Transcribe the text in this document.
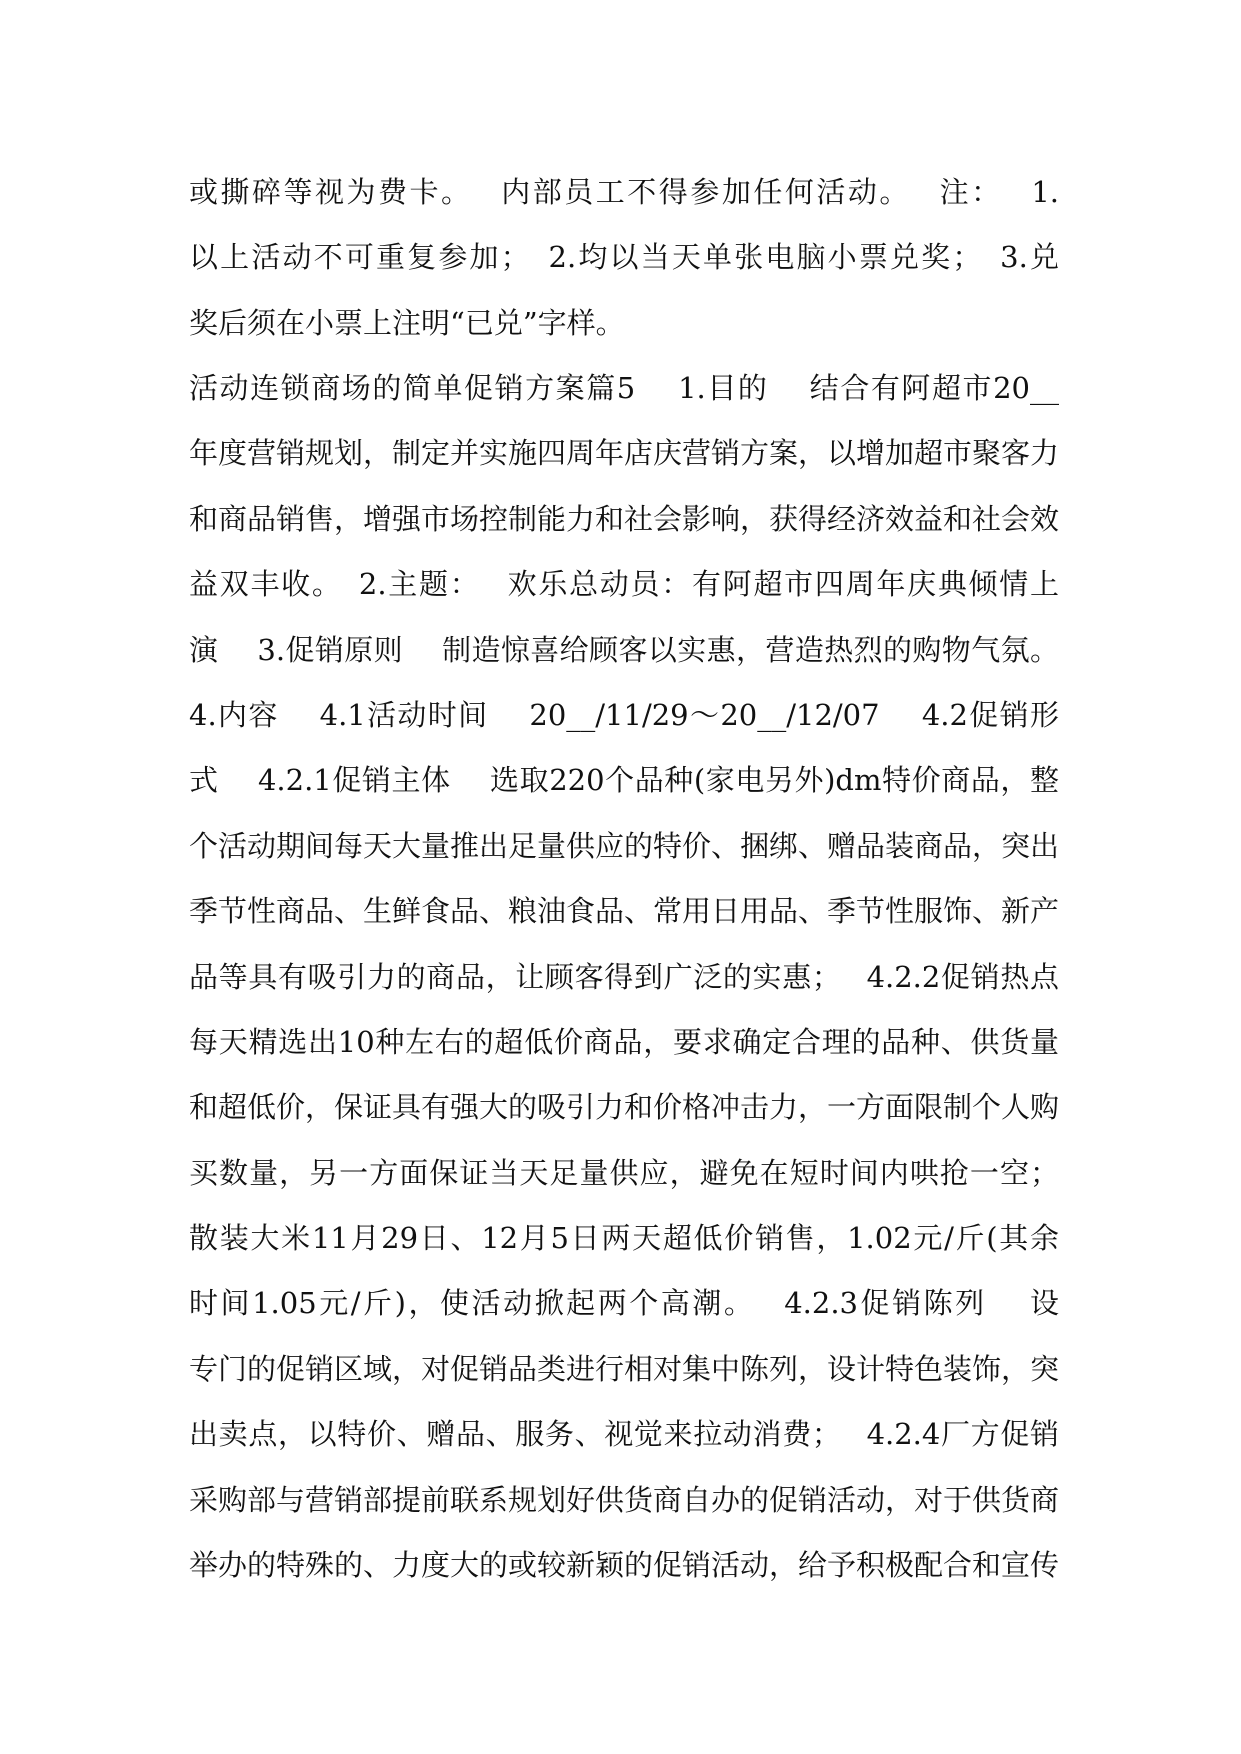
或撕碎等视为费卡。　 内部员工不得参加任何活动。　 注：　 1.
以上活动不可重复参加；　2.均以当天单张电脑小票兑奖；　3.兑
奖后须在小票上注明“已兑”字样。
活动连锁商场的简单促销方案篇5　 1.目的　 结合有阿超市20__
年度营销规划，制定并实施四周年店庆营销方案，以增加超市聚客力
和商品销售，增强市场控制能力和社会影响，获得经济效益和社会效
益双丰收。　2.主题：　 欢乐总动员：有阿超市四周年庆典倾情上
演　 3.促销原则　 制造惊喜给顾客以实惠，营造热烈的购物气氛。
4.内容　 4.1活动时间　 20__/11/29～20__/12/07　 4.2促销形
式　 4.2.1促销主体　 选取220个品种(家电另外)dm特价商品，整
个活动期间每天大量推出足量供应的特价、捆绑、赠品装商品，突出
季节性商品、生鲜食品、粮油食品、常用日用品、季节性服饰、新产
品等具有吸引力的商品，让顾客得到广泛的实惠；　 4.2.2促销热点
每天精选出10种左右的超低价商品，要求确定合理的品种、供货量
和超低价，保证具有强大的吸引力和价格冲击力，一方面限制个人购
买数量，另一方面保证当天足量供应，避免在短时间内哄抢一空；
散装大米11月29日、12月5日两天超低价销售，1.02元/斤(其余
时间1.05元/斤)，使活动掀起两个高潮。　 4.2.3促销陈列　 设
专门的促销区域，对促销品类进行相对集中陈列，设计特色装饰，突
出卖点，以特价、赠品、服务、视觉来拉动消费；　 4.2.4厂方促销
采购部与营销部提前联系规划好供货商自办的促销活动，对于供货商
举办的特殊的、力度大的或较新颖的促销活动，给予积极配合和宣传
